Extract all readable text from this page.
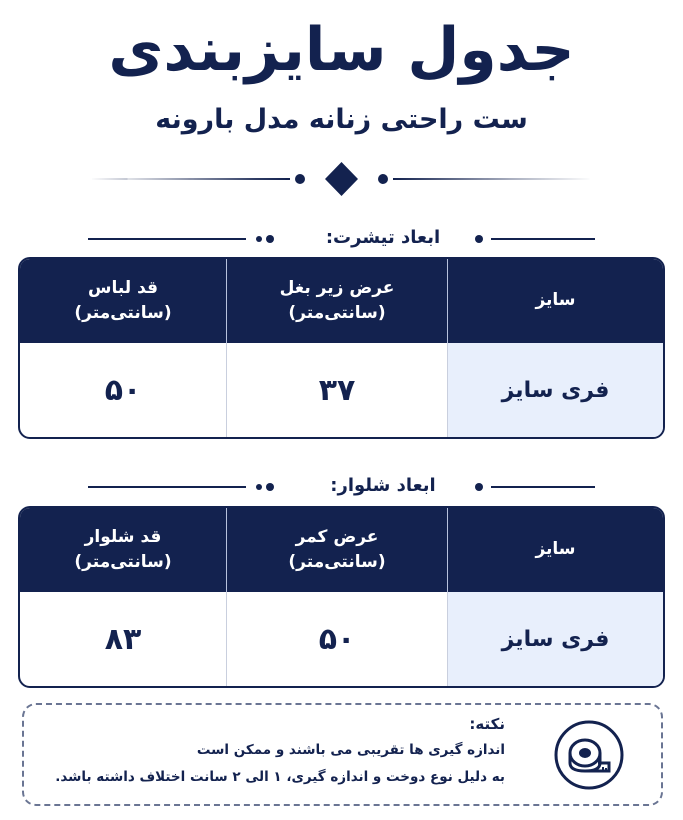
جدول سایزبندی
ست راحتی زنانه مدل بارونه
ابعاد تیشرت:
سایز
عرض زیر بغل
(سانتی‌متر)
قد لباس
(سانتی‌متر)
فری سایز
۳۷
۵۰
ابعاد شلوار:
سایز
عرض کمر
(سانتی‌متر)
قد شلوار
(سانتی‌متر)
فری سایز
۵۰
۸۳
نکته:
اندازه گیری ها تقریبی می باشند و ممکن است
به دلیل نوع دوخت و اندازه گیری، ۱ الی ۲ سانت اختلاف داشته باشد.
